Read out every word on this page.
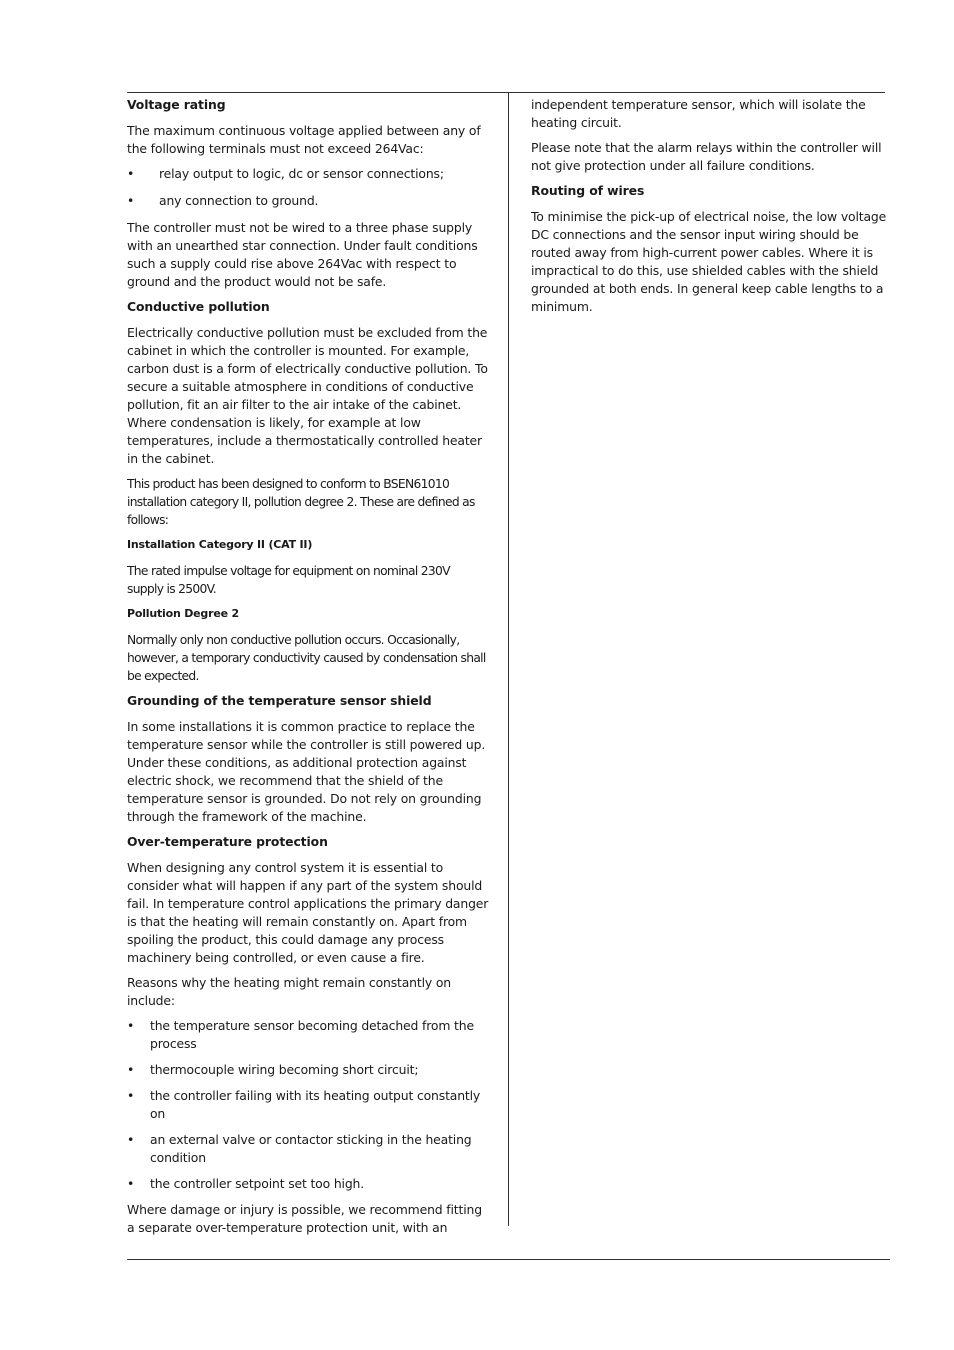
Voltage rating

The maximum continuous voltage applied between any of the following terminals must not exceed 264Vac:

• relay output to logic, dc or sensor connections;
• any connection to ground.

The controller must not be wired to a three phase supply with an unearthed star connection. Under fault conditions such a supply could rise above 264Vac with respect to ground and the product would not be safe.

Conductive pollution

Electrically conductive pollution must be excluded from the cabinet in which the controller is mounted. For example, carbon dust is a form of electrically conductive pollution. To secure a suitable atmosphere in conditions of conductive pollution, fit an air filter to the air intake of the cabinet. Where condensation is likely, for example at low temperatures, include a thermostatically controlled heater in the cabinet.

This product has been designed to conform to BSEN61010 installation category II, pollution degree 2. These are defined as follows:

Installation Category II (CAT II)

The rated impulse voltage for equipment on nominal 230V supply is 2500V.

Pollution Degree 2

Normally only non conductive pollution occurs. Occasionally, however, a temporary conductivity caused by condensation shall be expected.

Grounding of the temperature sensor shield

In some installations it is common practice to replace the temperature sensor while the controller is still powered up. Under these conditions, as additional protection against electric shock, we recommend that the shield of the temperature sensor is grounded. Do not rely on grounding through the framework of the machine.

Over-temperature protection

When designing any control system it is essential to consider what will happen if any part of the system should fail. In temperature control applications the primary danger is that the heating will remain constantly on. Apart from spoiling the product, this could damage any process machinery being controlled, or even cause a fire.

Reasons why the heating might remain constantly on include:

• the temperature sensor becoming detached from the process
• thermocouple wiring becoming short circuit;
• the controller failing with its heating output constantly on
• an external valve or contactor sticking in the heating condition
• the controller setpoint set too high.

Where damage or injury is possible, we recommend fitting a separate over-temperature protection unit, with an

independent temperature sensor, which will isolate the heating circuit.

Please note that the alarm relays within the controller will not give protection under all failure conditions.

Routing of wires

To minimise the pick-up of electrical noise, the low voltage DC connections and the sensor input wiring should be routed away from high-current power cables. Where it is impractical to do this, use shielded cables with the shield grounded at both ends. In general keep cable lengths to a minimum.
